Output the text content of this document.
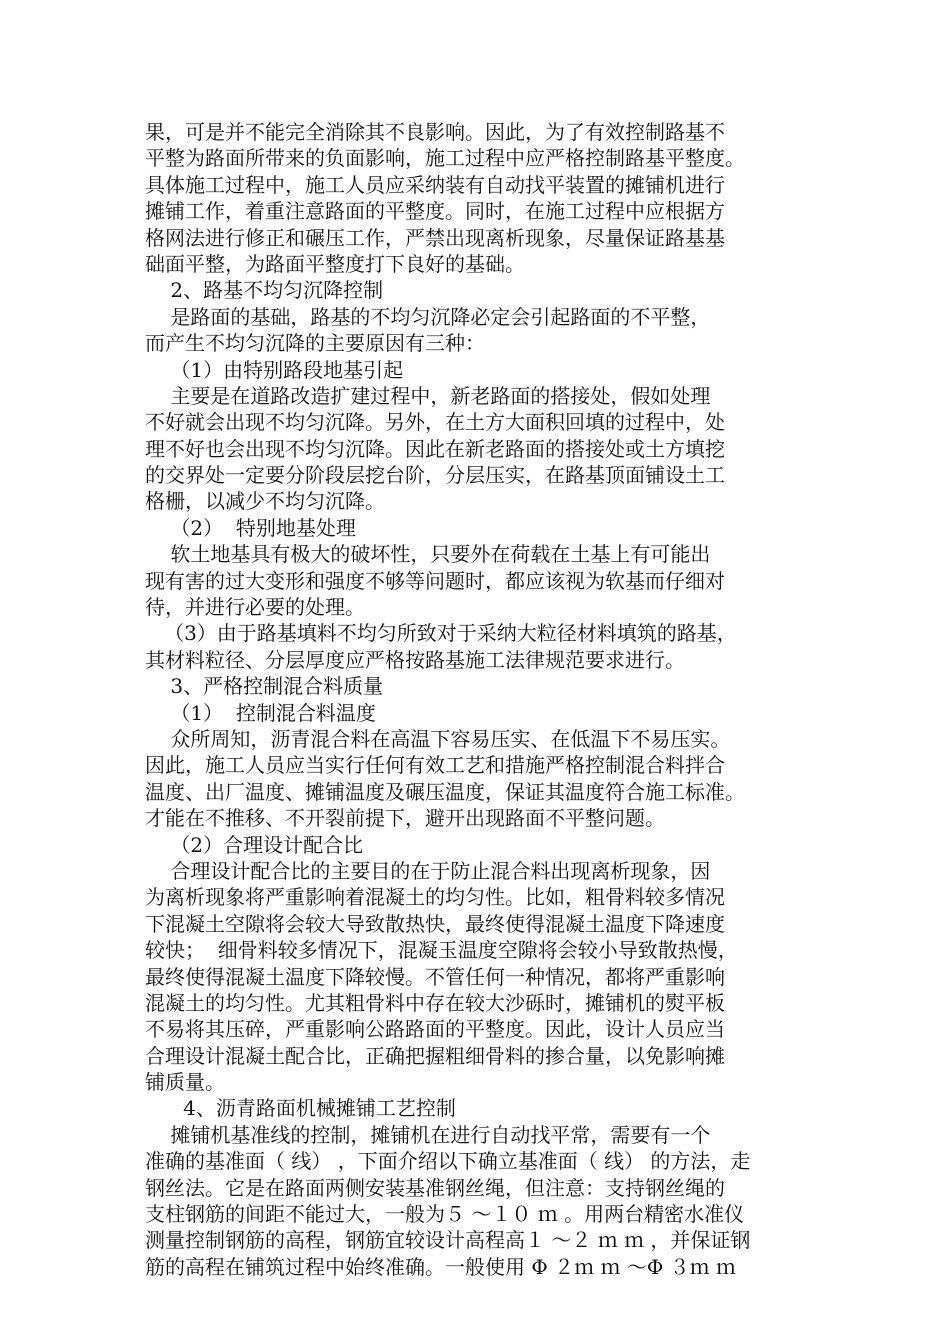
果，可是并不能完全消除其不良影响。因此，为了有效控制路基不
平整为路面所带来的负面影响，施工过程中应严格控制路基平整度。
具体施工过程中，施工人员应采纳装有自动找平装置的摊铺机进行
摊铺工作，着重注意路面的平整度。同时，在施工过程中应根据方
格网法进行修正和碾压工作，严禁出现离析现象，尽量保证路基基
础面平整，为路面平整度打下良好的基础。
2、路基不均匀沉降控制
是路面的基础，路基的不均匀沉降必定会引起路面的不平整，
而产生不均匀沉降的主要原因有三种：
（1）由特别路段地基引起
主要是在道路改造扩建过程中，新老路面的搭接处，假如处理
不好就会出现不均匀沉降。另外，在土方大面积回填的过程中，处
理不好也会出现不均匀沉降。因此在新老路面的搭接处或土方填挖
的交界处一定要分阶段层挖台阶，分层压实，在路基顶面铺设土工
格栅，以减少不均匀沉降。
（2）  特别地基处理
软土地基具有极大的破坏性，只要外在荷载在土基上有可能出
现有害的过大变形和强度不够等问题时，都应该视为软基而仔细对
待，并进行必要的处理。
（3）由于路基填料不均匀所致对于采纳大粒径材料填筑的路基，
其材料粒径、分层厚度应严格按路基施工法律规范要求进行。
3、严格控制混合料质量
（1）  控制混合料温度
众所周知，沥青混合料在高温下容易压实、在低温下不易压实。
因此，施工人员应当实行任何有效工艺和措施严格控制混合料拌合
温度、出厂温度、摊铺温度及碾压温度，保证其温度符合施工标准。
才能在不推移、不开裂前提下，避开出现路面不平整问题。
（2）合理设计配合比
合理设计配合比的主要目的在于防止混合料出现离析现象，因
为离析现象将严重影响着混凝土的均匀性。比如，粗骨料较多情况
下混凝土空隙将会较大导致散热快，最终使得混凝土温度下降速度
较快；  细骨料较多情况下，混凝玉温度空隙将会较小导致散热慢，
最终使得混凝土温度下降较慢。不管任何一种情况，都将严重影响
混凝土的均匀性。尤其粗骨料中存在较大沙砾时，摊铺机的熨平板
不易将其压碎，严重影响公路路面的平整度。因此，设计人员应当
合理设计混凝土配合比，正确把握粗细骨料的掺合量，以免影响摊
铺质量。
4、沥青路面机械摊铺工艺控制
摊铺机基准线的控制，摊铺机在进行自动找平常，需要有一个
准确的基准面（ 线） ，下面介绍以下确立基准面（ 线） 的方法，走
钢丝法。它是在路面两侧安装基准钢丝绳，但注意：支持钢丝绳的
支柱钢筋的间距不能过大，一般为５ ～１０ ｍ 。用两台精密水准仪
测量控制钢筋的高程，钢筋宜较设计高程高１ ～２ ｍ ｍ ，并保证钢
筋的高程在铺筑过程中始终准确。一般使用 Φ ２ｍ ｍ ～Φ ３ｍ ｍ
